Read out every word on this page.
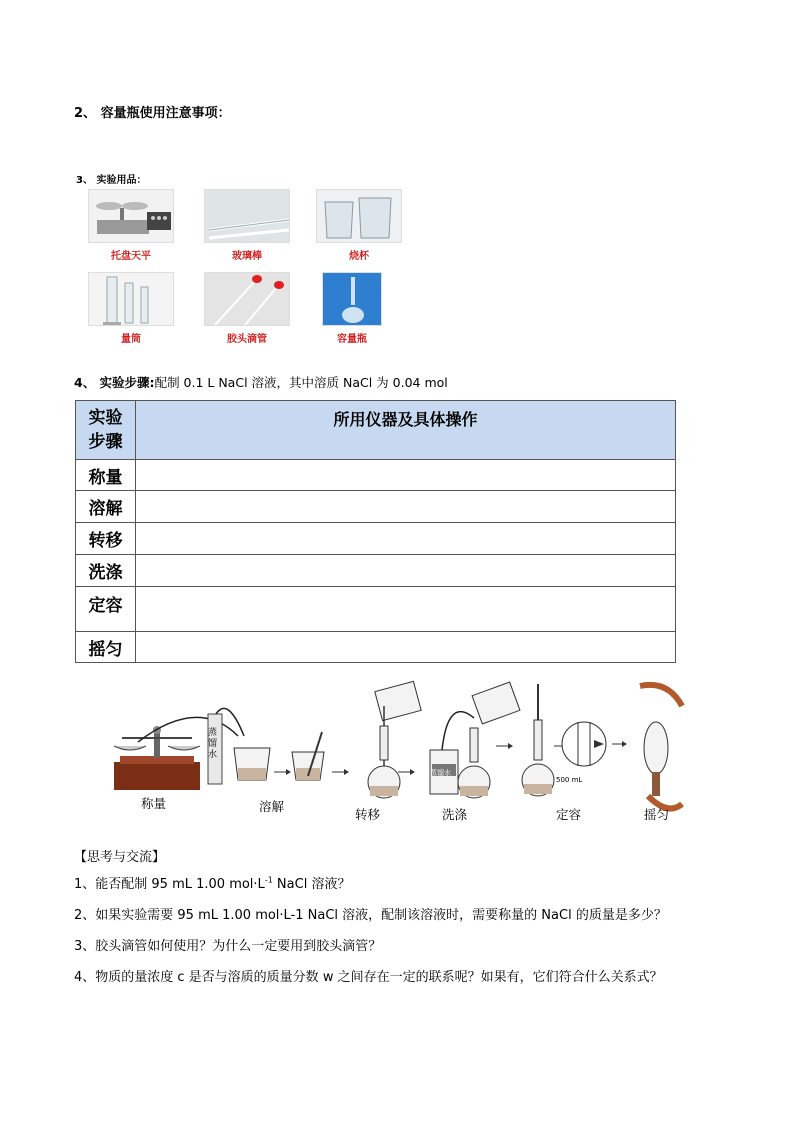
2、 容量瓶使用注意事项：
3、 实验用品：
托盘天平	玻璃棒	烧杯
量筒	胶头滴管	容量瓶
4、 实验步骤:配制 0.1 L NaCl 溶液，其中溶质 NaCl 为 0.04 mol
实验
步骤	所用仪器及具体操作
称量	
溶解	
转移	
洗涤	
定容	
摇匀	
蒸馏水
蒸馏水
500 mL
称量	溶解
转移	洗涤	定容	摇匀
【思考与交流】
1、能否配制 95 mL 1.00 $mol\cdot L^{-1}$ NaCl 溶液？
2、如果实验需要 95 mL 1.00 mol·L-1 NaCl 溶液，配制该溶液时，需要称量的 NaCl 的质量是多少？
3、胶头滴管如何使用？为什么一定要用到胶头滴管？
4、物质的量浓度 c 是否与溶质的质量分数 w 之间存在一定的联系呢？如果有，它们符合什么关系式？
